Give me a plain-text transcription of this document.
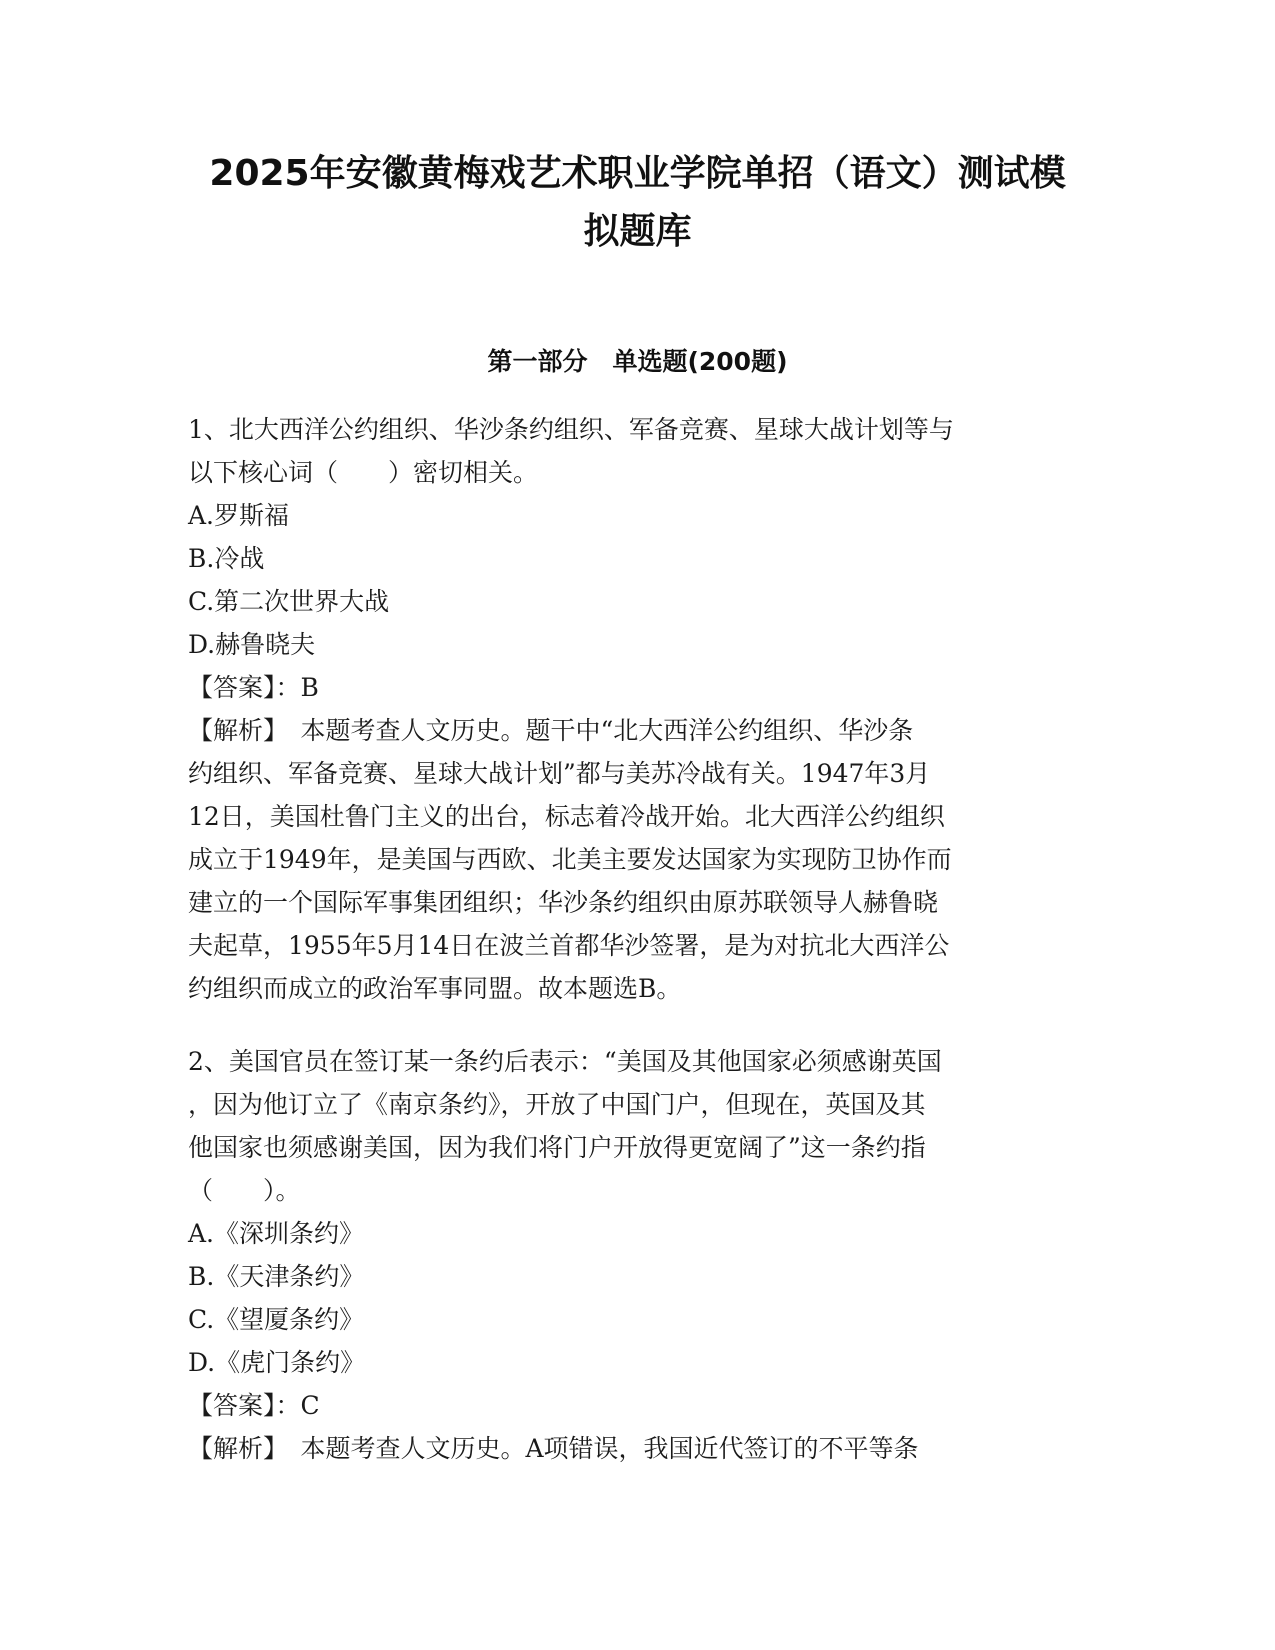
2025年安徽黄梅戏艺术职业学院单招（语文）测试模
拟题库
第一部分　单选题(200题)
1、北大西洋公约组织、华沙条约组织、军备竞赛、星球大战计划等与
以下核心词（　　）密切相关。
A.罗斯福
B.冷战
C.第二次世界大战
D.赫鲁晓夫
【答案】：B
【解析】　本题考查人文历史。题干中“北大西洋公约组织、华沙条
约组织、军备竞赛、星球大战计划”都与美苏冷战有关。1947年3月
12日，美国杜鲁门主义的出台，标志着冷战开始。北大西洋公约组织
成立于1949年，是美国与西欧、北美主要发达国家为实现防卫协作而
建立的一个国际军事集团组织；华沙条约组织由原苏联领导人赫鲁晓
夫起草，1955年5月14日在波兰首都华沙签署，是为对抗北大西洋公
约组织而成立的政治军事同盟。故本题选B。
2、美国官员在签订某一条约后表示：“美国及其他国家必须感谢英国
，因为他订立了《南京条约》，开放了中国门户，但现在，英国及其
他国家也须感谢美国，因为我们将门户开放得更宽阔了”这一条约指
（　　）。
A.《深圳条约》
B.《天津条约》
C.《望厦条约》
D.《虎门条约》
【答案】：C
【解析】　本题考查人文历史。A项错误，我国近代签订的不平等条
